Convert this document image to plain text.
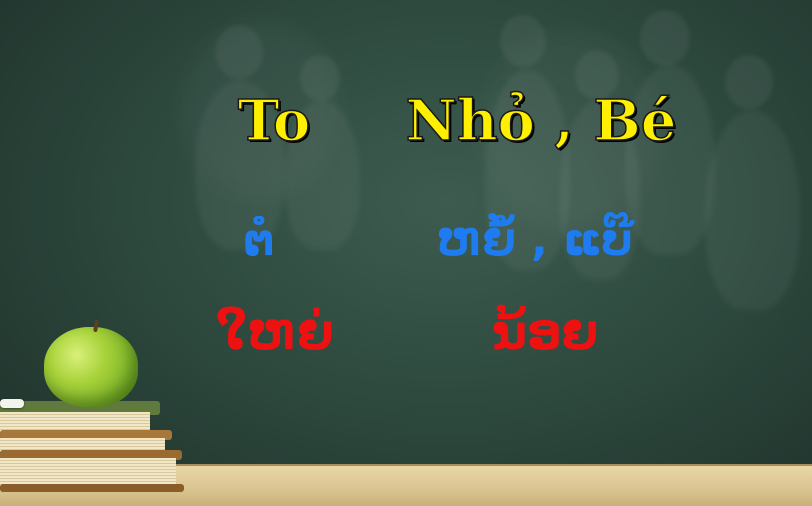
To	Nhỏ , Bé
ຕໍ	ຫຍໍ້ , ແບ໊
ໃຫຍ່	ນ້ອຍ
